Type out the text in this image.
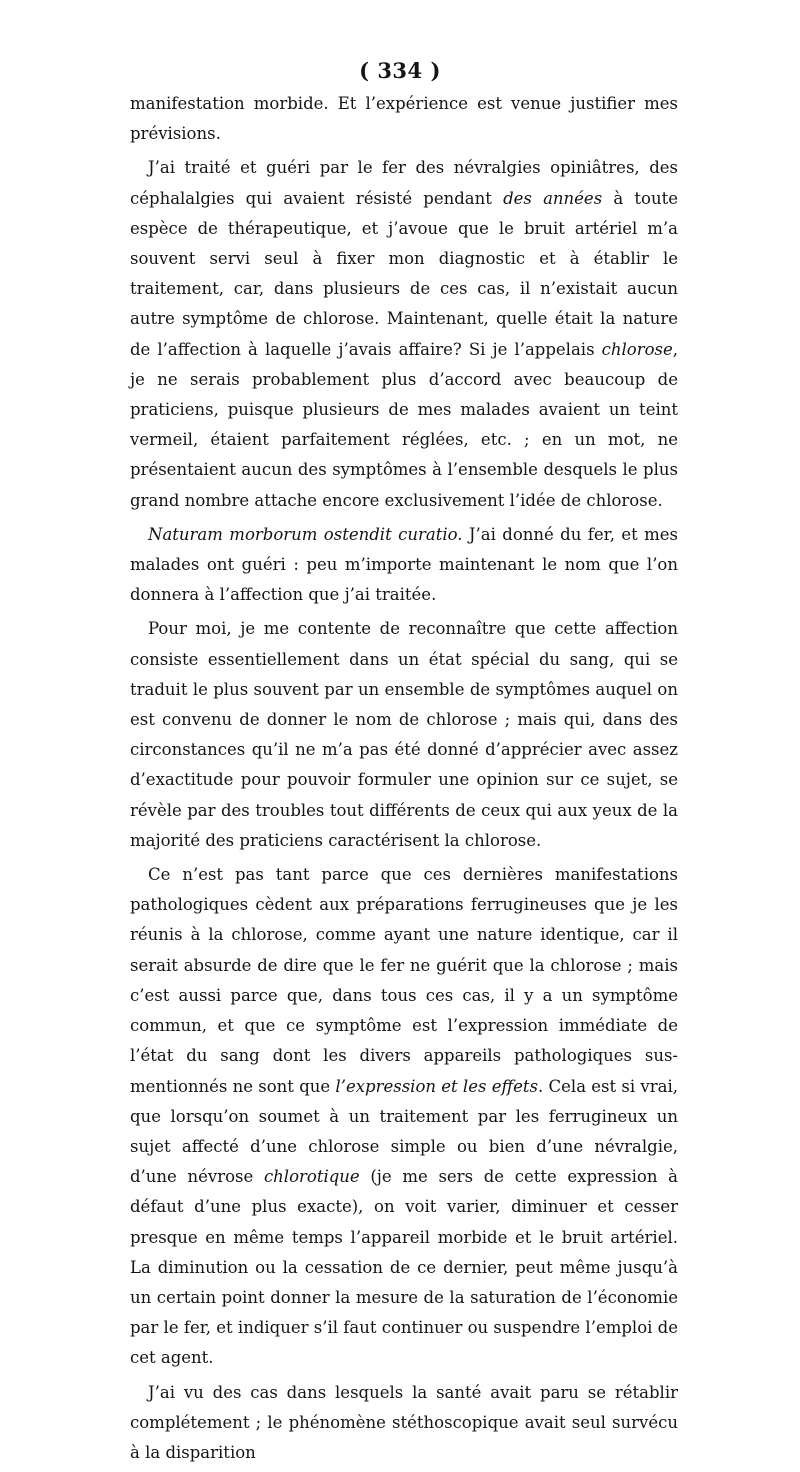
( 334 )

manifestation morbide. Et l’expérience est venue justifier mes prévisions.

J’ai traité et guéri par le fer des névralgies opiniâtres, des céphalalgies qui avaient résisté pendant des années à toute espèce de thérapeutique, et j’avoue que le bruit artériel m’a souvent servi seul à fixer mon diagnostic et à établir le traitement, car, dans plusieurs de ces cas, il n’existait aucun autre symptôme de chlorose. Maintenant, quelle était la nature de l’affection à laquelle j’avais affaire? Si je l’appelais chlorose, je ne serais probablement plus d’accord avec beaucoup de praticiens, puisque plusieurs de mes malades avaient un teint vermeil, étaient parfaitement réglées, etc. ; en un mot, ne présentaient aucun des symptômes à l’ensemble desquels le plus grand nombre attache encore exclusivement l’idée de chlorose.

Naturam morborum ostendit curatio. J’ai donné du fer, et mes malades ont guéri : peu m’importe maintenant le nom que l’on donnera à l’affection que j’ai traitée.

Pour moi, je me contente de reconnaître que cette affection consiste essentiellement dans un état spécial du sang, qui se traduit le plus souvent par un ensemble de symptômes auquel on est convenu de donner le nom de chlorose ; mais qui, dans des circonstances qu’il ne m’a pas été donné d’apprécier avec assez d’exactitude pour pouvoir formuler une opinion sur ce sujet, se révèle par des troubles tout différents de ceux qui aux yeux de la majorité des praticiens caractérisent la chlorose.

Ce n’est pas tant parce que ces dernières manifestations pathologiques cèdent aux préparations ferrugineuses que je les réunis à la chlorose, comme ayant une nature identique, car il serait absurde de dire que le fer ne guérit que la chlorose ; mais c’est aussi parce que, dans tous ces cas, il y a un symptôme commun, et que ce symptôme est l’expression immédiate de l’état du sang dont les divers appareils pathologiques sus-mentionnés ne sont que l’expression et les effets. Cela est si vrai, que lorsqu’on soumet à un traitement par les ferrugineux un sujet affecté d’une chlorose simple ou bien d’une névralgie, d’une névrose chlorotique (je me sers de cette expression à défaut d’une plus exacte), on voit varier, diminuer et cesser presque en même temps l’appareil morbide et le bruit artériel. La diminution ou la cessation de ce dernier, peut même jusqu’à un certain point donner la mesure de la saturation de l’économie par le fer, et indiquer s’il faut continuer ou suspendre l’emploi de cet agent.

J’ai vu des cas dans lesquels la santé avait paru se rétablir complétement ; le phénomène stéthoscopique avait seul survécu à la disparition
